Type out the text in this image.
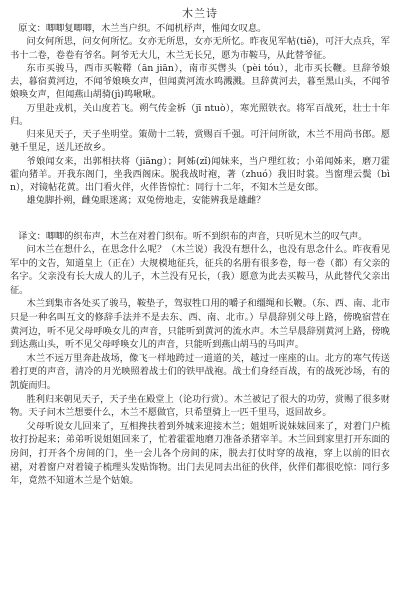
木兰诗

原文：唧唧复唧唧，木兰当户织。不闻机杼声，惟闻女叹息。

问女何所思，问女何所忆。女亦无所思，女亦无所忆。昨夜见军帖(tiě)，可汗大点兵，军书十二卷，卷卷有爷名。阿爷无大儿，木兰无长兄，愿为市鞍马，从此替爷征。

东市买骏马，西市买鞍鞯（ān jiān），南市买辔头（pèi tóu），北市买长鞭。旦辞爷娘去，暮宿黄河边，不闻爷娘唤女声，但闻黄河流水鸣溅溅。旦辞黄河去，暮至黑山头，不闻爷娘唤女声，但闻燕山胡骑(jì)鸣啾啾。

万里赴戎机，关山度若飞。朔气传金柝（jī ntuò），寒光照铁衣。将军百战死，壮士十年归。

归来见天子，天子坐明堂。策勋十二转，赏赐百千强。可汗问所欲，木兰不用尚书郎。愿驰千里足，送儿还故乡。

爷娘闻女来，出郭相扶将（jiāng）；阿姊(zǐ)闻妹来，当户理红妆；小弟闻姊来，磨刀霍霍向猪羊。开我东阁门，坐我西阁床。脱我战时袍，著（zhuó）我旧时裳。当窗理云鬓（bìn），对镜帖花黄。出门看火伴，火伴皆惊忙：同行十二年，不知木兰是女郎。

雄兔脚扑朔，雌兔眼迷离；双兔傍地走，安能辨我是雄雌？

译文：唧唧的织布声，木兰在对着门织布。听不到织布的声音，只听见木兰的叹气声。

问木兰在想什么，在思念什么呢？（木兰说）我没有想什么，也没有思念什么。昨夜看见军中的文告，知道皇上（正在）大规模地征兵，征兵的名册有很多卷，每一卷（都）有父亲的名字。父亲没有长大成人的儿子，木兰没有兄长，（我）愿意为此去买鞍马，从此替代父亲出征。

木兰到集市各处买了骏马，鞍垫子，驾驭牲口用的嚼子和缰绳和长鞭。（东、西、南、北市只是一种名叫互文的修辞手法并不是去东、西、南、北市。）早晨辞别父母上路，傍晚宿营在黄河边，听不见父母呼唤女儿的声音，只能听到黄河的流水声。木兰早晨辞别黄河上路，傍晚到达燕山头，听不见父母呼唤女儿的声音，只能听到燕山胡马的马叫声。

木兰不远万里奔赴战场，像飞一样地跨过一道道的关，越过一座座的山。北方的寒气传送着打更的声音，清冷的月光映照着战士们的铁甲战袍。战士们身经百战，有的战死沙场，有的凯旋而归。

胜利归来朝见天子，天子坐在殿堂上（论功行赏）。木兰被记了很大的功劳，赏赐了很多财物。天子问木兰想要什么，木兰不愿做官，只希望骑上一匹千里马，返回故乡。

父母听说女儿回来了，互相搀扶着到外城来迎接木兰；姐姐听说妹妹回来了，对着门户梳妆打扮起来；弟弟听说姐姐回来了，忙着霍霍地磨刀准备杀猪宰羊。木兰回到家里打开东面的房间，打开各个房间的门，坐一会儿各个房间的床，脱去打仗时穿的战袍，穿上以前的旧衣裙，对着窗户对着镜子梳理头发贴饰物。出门去见同去出征的伙伴，伙伴们都很吃惊：同行多年，竟然不知道木兰是个姑娘。
